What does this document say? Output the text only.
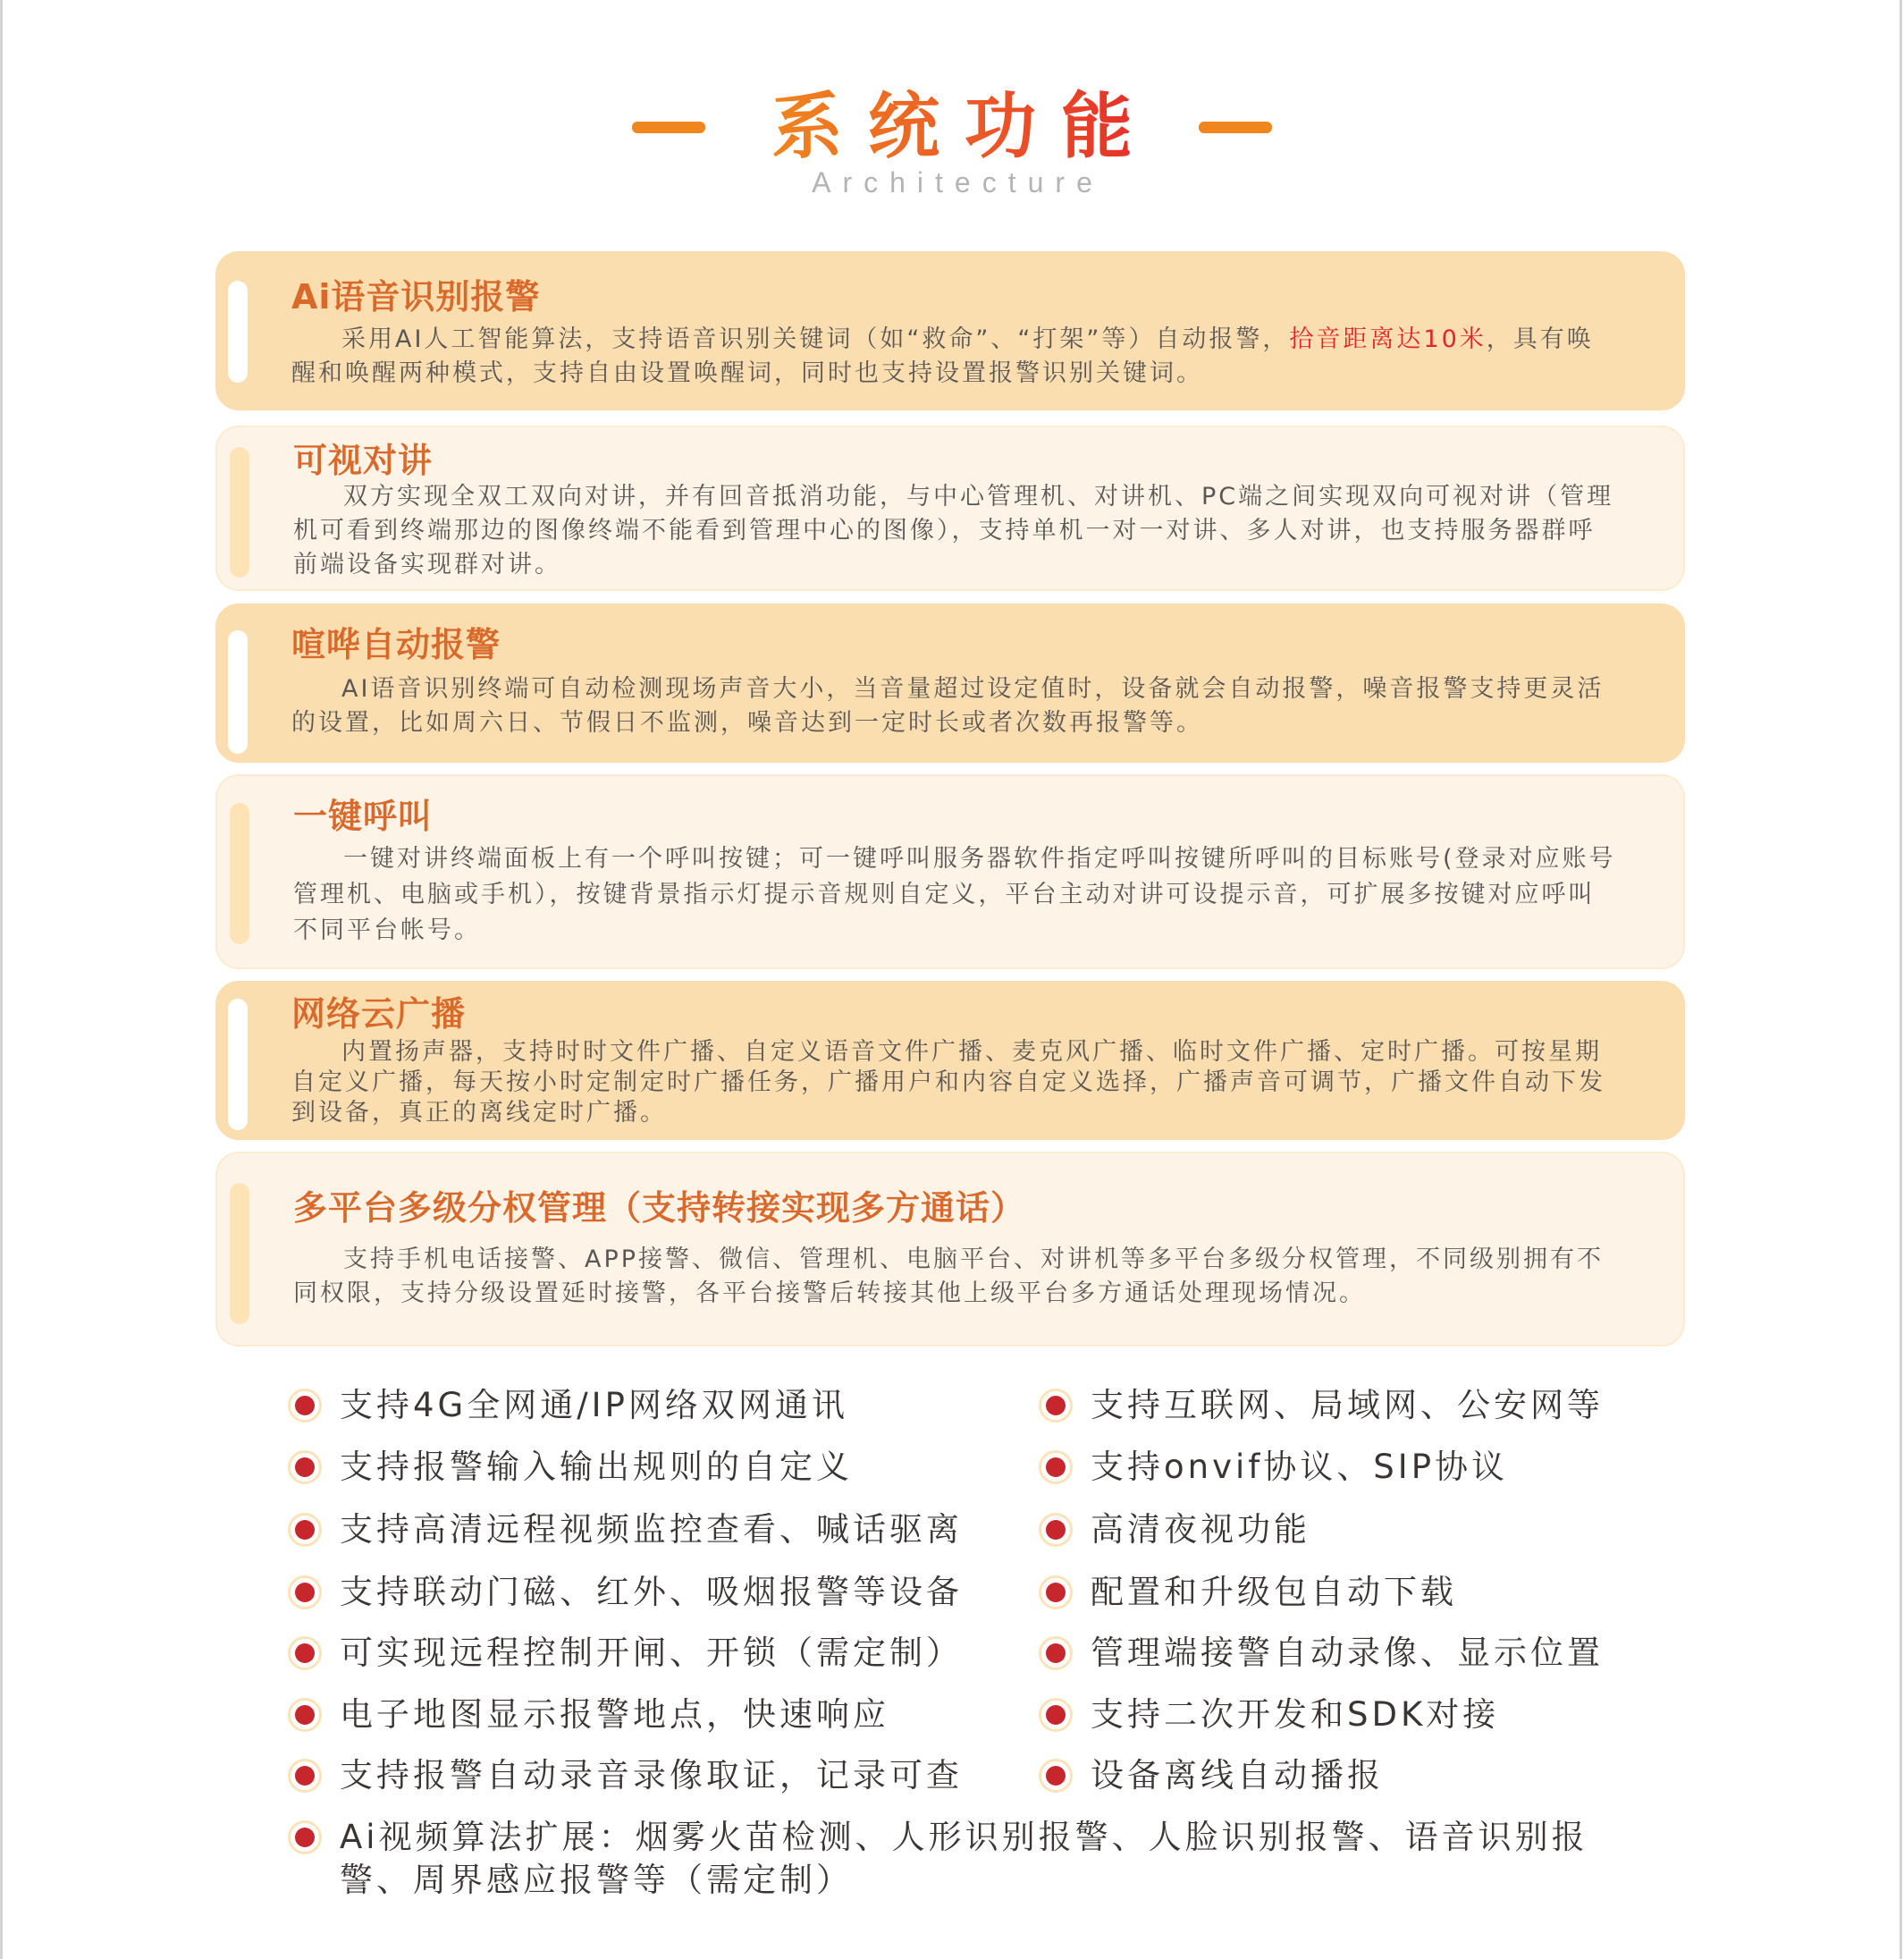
系统功能
Architecture
Ai语音识别报警

采用AI人工智能算法，支持语音识别关键词（如“救命”、“打架”等）自动报警，拾音距离达10米，具有唤醒和唤醒两种模式，支持自由设置唤醒词，同时也支持设置报警识别关键词。

可视对讲

双方实现全双工双向对讲，并有回音抵消功能，与中心管理机、对讲机、PC端之间实现双向可视对讲（管理机可看到终端那边的图像终端不能看到管理中心的图像），支持单机一对一对讲、多人对讲，也支持服务器群呼前端设备实现群对讲。

喧哗自动报警

AI语音识别终端可自动检测现场声音大小，当音量超过设定值时，设备就会自动报警，噪音报警支持更灵活的设置，比如周六日、节假日不监测，噪音达到一定时长或者次数再报警等。

一键呼叫

一键对讲终端面板上有一个呼叫按键；可一键呼叫服务器软件指定呼叫按键所呼叫的目标账号(登录对应账号管理机、电脑或手机），按键背景指示灯提示音规则自定义，平台主动对讲可设提示音，可扩展多按键对应呼叫不同平台帐号。

网络云广播

内置扬声器，支持时时文件广播、自定义语音文件广播、麦克风广播、临时文件广播、定时广播。可按星期自定义广播，每天按小时定制定时广播任务，广播用户和内容自定义选择，广播声音可调节，广播文件自动下发到设备，真正的离线定时广播。

多平台多级分权管理（支持转接实现多方通话）

支持手机电话接警、APP接警、微信、管理机、电脑平台、对讲机等多平台多级分权管理，不同级别拥有不同权限，支持分级设置延时接警，各平台接警后转接其他上级平台多方通话处理现场情况。

支持4G全网通/IP网络双网通讯
支持报警输入输出规则的自定义
支持高清远程视频监控查看、喊话驱离
支持联动门磁、红外、吸烟报警等设备
可实现远程控制开闸、开锁（需定制）
电子地图显示报警地点，快速响应
支持报警自动录音录像取证，记录可查
支持互联网、局域网、公安网等
支持onvif协议、SIP协议
高清夜视功能
配置和升级包自动下载
管理端接警自动录像、显示位置
支持二次开发和SDK对接
设备离线自动播报
Ai视频算法扩展：烟雾火苗检测、人形识别报警、人脸识别报警、语音识别报警、周界感应报警等（需定制）
